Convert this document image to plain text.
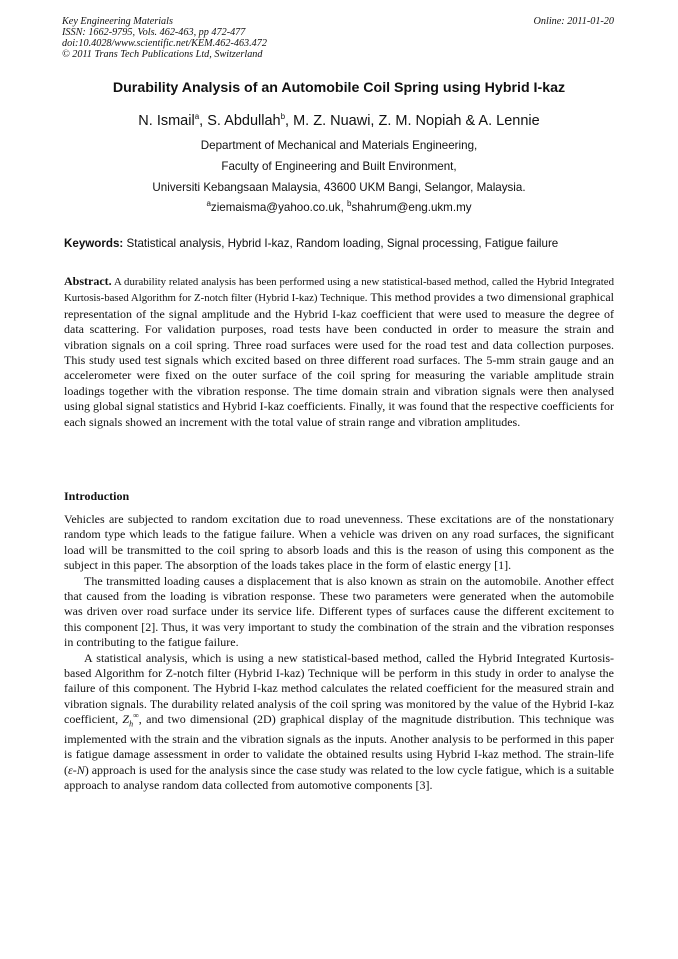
Key Engineering Materials
ISSN: 1662-9795, Vols. 462-463, pp 472-477
doi:10.4028/www.scientific.net/KEM.462-463.472
© 2011 Trans Tech Publications Ltd, Switzerland
Online: 2011-01-20
Durability Analysis of an Automobile Coil Spring using Hybrid I-kaz
N. Ismail$^a$, S. Abdullah$^b$, M. Z. Nuawi, Z. M. Nopiah & A. Lennie
Department of Mechanical and Materials Engineering,
Faculty of Engineering and Built Environment,
Universiti Kebangsaan Malaysia, 43600 UKM Bangi, Selangor, Malaysia.
$^a$ziemaisma@yahoo.co.uk, $^b$shahrum@eng.ukm.my
Keywords: Statistical analysis, Hybrid I-kaz, Random loading, Signal processing, Fatigue failure
Abstract. A durability related analysis has been performed using a new statistical-based method, called the Hybrid Integrated Kurtosis-based Algorithm for Z-notch filter (Hybrid I-kaz) Technique. This method provides a two dimensional graphical representation of the signal amplitude and the Hybrid I-kaz coefficient that were used to measure the degree of data scattering. For validation purposes, road tests have been conducted in order to measure the strain and vibration signals on a coil spring. Three road surfaces were used for the road test and data collection purposes. This study used test signals which excited based on three different road surfaces. The 5-mm strain gauge and an accelerometer were fixed on the outer surface of the coil spring for measuring the variable amplitude strain loadings together with the vibration response. The time domain strain and vibration signals were then analysed using global signal statistics and Hybrid I-kaz coefficients. Finally, it was found that the respective coefficients for each signals showed an increment with the total value of strain range and vibration amplitudes.
Introduction

Vehicles are subjected to random excitation due to road unevenness. These excitations are of the nonstationary random type which leads to the fatigue failure. When a vehicle was driven on any road surfaces, the significant load will be transmitted to the coil spring to absorb loads and this is the reason of using this component as the subject in this paper. The absorption of the loads takes place in the form of elastic energy [1].

The transmitted loading causes a displacement that is also known as strain on the automobile. Another effect that caused from the loading is vibration response. These two parameters were generated when the automobile was driven over road surface under its service life. Different types of surfaces cause the different excitement to this component [2]. Thus, it was very important to study the combination of the strain and the vibration responses in contributing to the fatigue failure.

A statistical analysis, which is using a new statistical-based method, called the Hybrid Integrated Kurtosis-based Algorithm for Z-notch filter (Hybrid I-kaz) Technique will be perform in this study in order to analyse the failure of this component. The Hybrid I-kaz method calculates the related coefficient for the measured strain and vibration signals. The durability related analysis of the coil spring was monitored by the value of the Hybrid I-kaz coefficient, $Z_h^\infty$, and two dimensional (2D) graphical display of the magnitude distribution. This technique was implemented with the strain and the vibration signals as the inputs. Another analysis to be performed in this paper is fatigue damage assessment in order to validate the obtained results using Hybrid I-kaz method. The strain-life (ε-N) approach is used for the analysis since the case study was related to the low cycle fatigue, which is a suitable approach to analyse random data collected from automotive components [3].
